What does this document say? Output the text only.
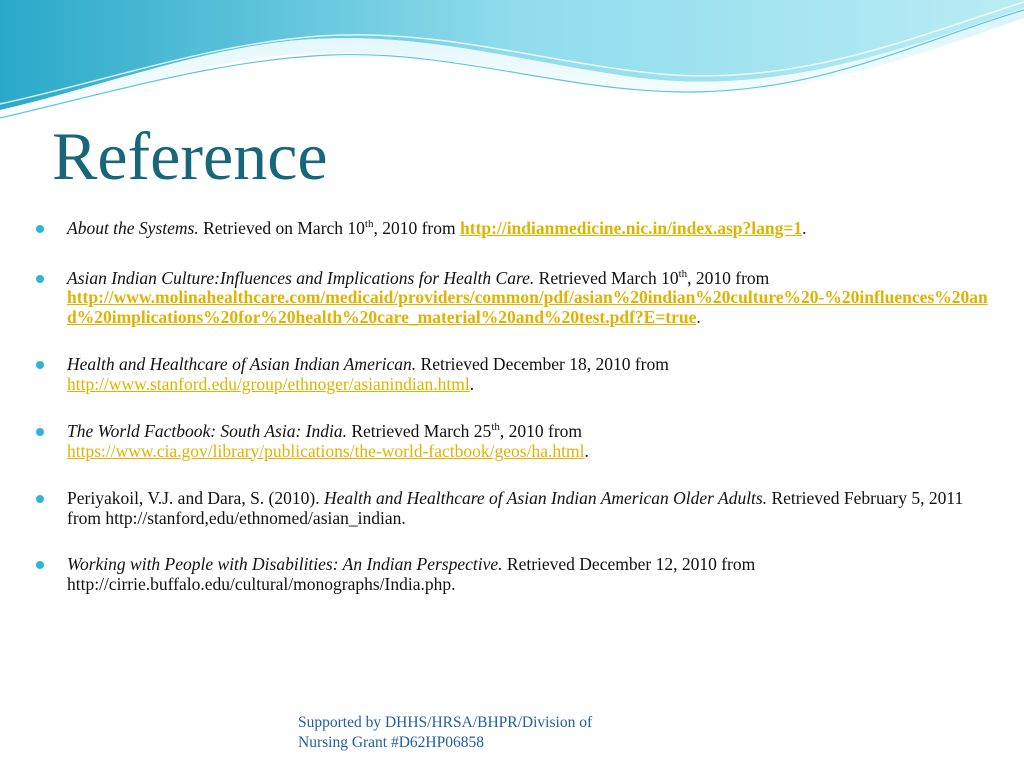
Reference
About the Systems. Retrieved on March 10th, 2010 from http://indianmedicine.nic.in/index.asp?lang=1.
Asian Indian Culture:Influences and Implications for Health Care. Retrieved March 10th, 2010 from
http://www.molinahealthcare.com/medicaid/providers/common/pdf/asian%20indian%20culture%20-%20influences%20and%20implications%20for%20health%20care_material%20and%20test.pdf?E=true.
Health and Healthcare of Asian Indian American. Retrieved December 18, 2010 from
http://www.stanford.edu/group/ethnoger/asianindian.html.
The World Factbook: South Asia: India. Retrieved March 25th, 2010 from
https://www.cia.gov/library/publications/the-world-factbook/geos/ha.html.
Periyakoil, V.J. and Dara, S. (2010). Health and Healthcare of Asian Indian American Older Adults. Retrieved February 5, 2011 from http://stanford,edu/ethnomed/asian_indian.
Working with People with Disabilities: An Indian Perspective. Retrieved December 12, 2010 from http://cirrie.buffalo.edu/cultural/monographs/India.php.
Supported by DHHS/HRSA/BHPR/Division of
Nursing Grant #D62HP06858
